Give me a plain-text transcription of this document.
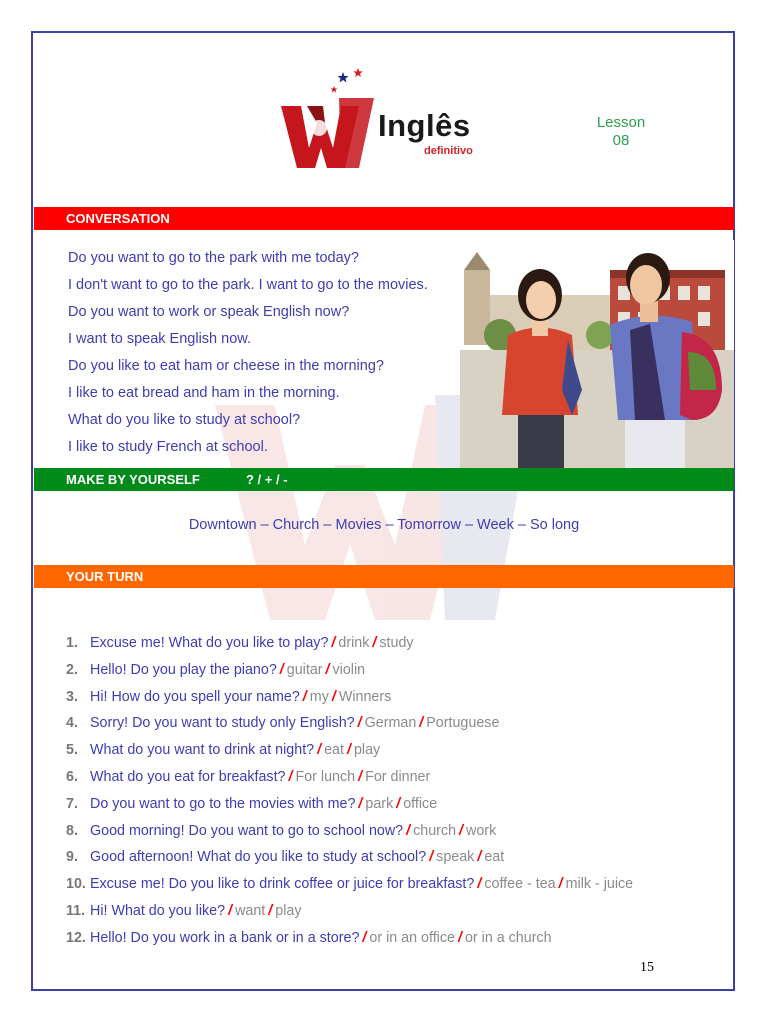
Inglês
definitivo
Lesson
08
CONVERSATION
Do you want to go to the park with me today?
I don't want to go to the park. I want to go to the movies.
Do you want to work or speak English now?
I want to speak English now.
Do you like to eat ham or cheese in the morning?
I like to eat bread and ham in the morning.
What do you like to study at school?
I like to study French at school.
MAKE BY YOURSELF	? / + / -
Downtown – Church – Movies – Tomorrow – Week – So long
YOUR TURN
1. Excuse me! What do you like to play? / drink / study
2. Hello! Do you play the piano? / guitar / violin
3. Hi! How do you spell your name? / my / Winners
4. Sorry! Do you want to study only English? / German / Portuguese
5. What do you want to drink at night? / eat / play
6. What do you eat for breakfast? / For lunch / For dinner
7. Do you want to go to the movies with me? / park / office
8. Good morning! Do you want to go to school now? / church / work
9. Good afternoon! What do you like to study at school? / speak / eat
10. Excuse me! Do you like to drink coffee or juice for breakfast? / coffee - tea / milk - juice
11. Hi! What do you like? / want / play
12. Hello! Do you work in a bank or in a store? / or in an office / or in a church
15
